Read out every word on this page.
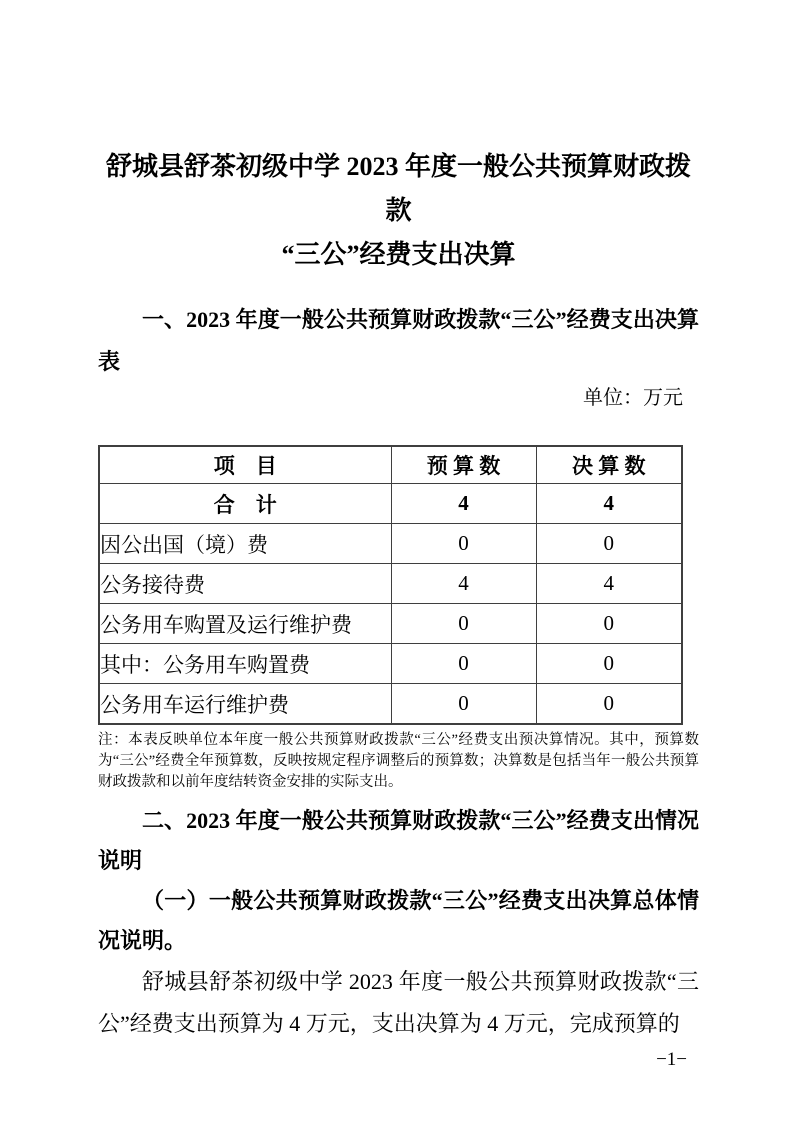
舒城县舒茶初级中学 2023 年度一般公共预算财政拨款
“三公”经费支出决算

一、2023 年度一般公共预算财政拨款“三公”经费支出决算表

单位：万元
项　目	预 算 数	决 算 数
合　计	4	4
因公出国（境）费	0	0
公务接待费	4	4
公务用车购置及运行维护费	0	0
其中：公务用车购置费	0	0
公务用车运行维护费	0	0

注：本表反映单位本年度一般公共预算财政拨款“三公”经费支出预决算情况。其中，预算数为“三公”经费全年预算数，反映按规定程序调整后的预算数；决算数是包括当年一般公共预算财政拨款和以前年度结转资金安排的实际支出。

二、2023 年度一般公共预算财政拨款“三公”经费支出情况说明

（一）一般公共预算财政拨款“三公”经费支出决算总体情况说明。

舒城县舒茶初级中学 2023 年度一般公共预算财政拨款“三公”经费支出预算为 4 万元，支出决算为 4 万元，完成预算的

−1−
